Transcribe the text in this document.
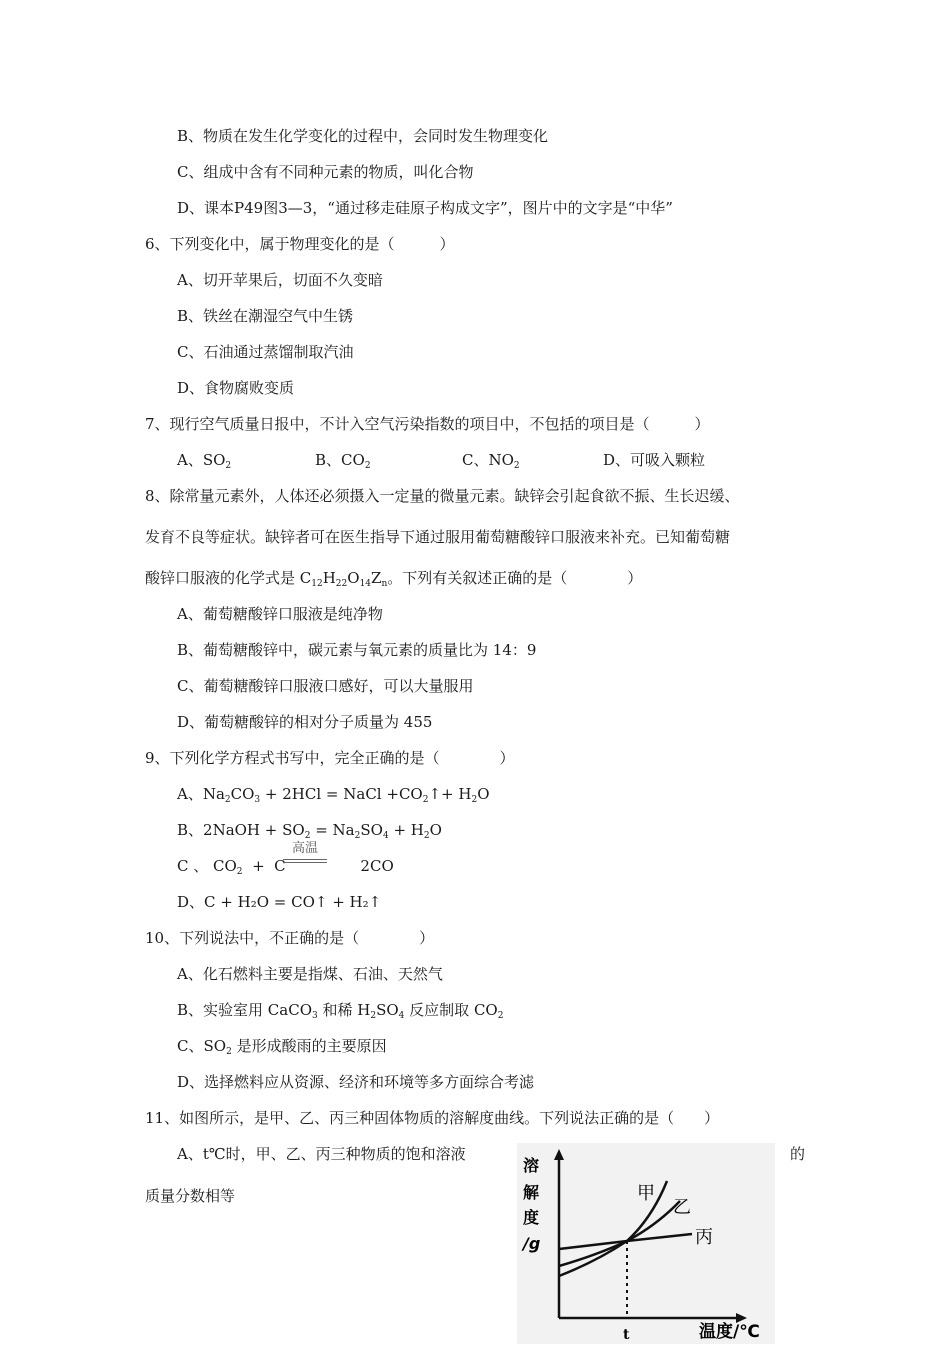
B、物质在发生化学变化的过程中，会同时发生物理变化
C、组成中含有不同种元素的物质，叫化合物
D、课本P49图3—3，“通过移走硅原子构成文字”，图片中的文字是“中华”
6、下列变化中，属于物理变化的是（　　　）
A、切开苹果后，切面不久变暗
B、铁丝在潮湿空气中生锈
C、石油通过蒸馏制取汽油
D、食物腐败变质
7、现行空气质量日报中，不计入空气污染指数的项目中，不包括的项目是（　　　）
A、$SO_2$	B、$CO_2$	C、$NO_2$	D、可吸入颗粒
8、除常量元素外，人体还必须摄入一定量的微量元素。缺锌会引起食欲不振、生长迟缓、
发育不良等症状。缺锌者可在医生指导下通过服用葡萄糖酸锌口服液来补充。已知葡萄糖
酸锌口服液的化学式是 $C_{12}H_{22}O_{14}Z_n$。下列有关叙述正确的是（　　　　）
A、葡萄糖酸锌口服液是纯净物
B、葡萄糖酸锌中，碳元素与氧元素的质量比为 14：9
C、葡萄糖酸锌口服液口感好，可以大量服用
D、葡萄糖酸锌的相对分子质量为 455
9、下列化学方程式书写中，完全正确的是（　　　　）
A、$Na_2CO_3 + 2HCl$ = NaCl $+CO_2↑+ H_2O$
B、2NaOH + $SO_2 = Na_2SO_4 + H_2O$
C 、 $CO_2 + C$	2CO
高温
D、C + H₂O = CO↑ + H₂↑
10、下列说法中，不正确的是（　　　　）
A、化石燃料主要是指煤、石油、天然气
B、实验室用 CaCO$_3$ 和稀 $H_2SO_4$ 反应制取 $CO_2$
C、$SO_2$ 是形成酸雨的主要原因
D、选择燃料应从资源、经济和环境等多方面综合考滤
11、如图所示，是甲、乙、丙三种固体物质的溶解度曲线。下列说法正确的是（　　）
A、t℃时，甲、乙、丙三种物质的饱和溶液	的
质量分数相等
溶
解
度
/g
甲
乙
丙
t	温度/℃
